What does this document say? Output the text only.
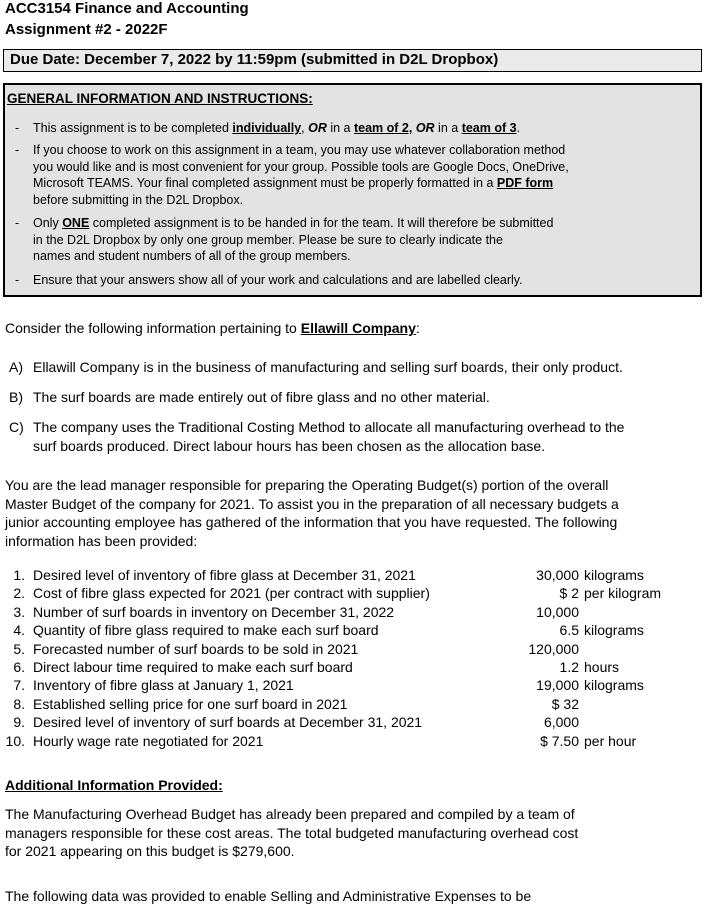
ACC3154 Finance and Accounting
Assignment #2 - 2022F
Due Date: December 7, 2022 by 11:59pm (submitted in D2L Dropbox)
GENERAL INFORMATION AND INSTRUCTIONS:
- This assignment is to be completed individually, OR in a team of 2, OR in a team of 3.
- If you choose to work on this assignment in a team, you may use whatever collaboration method
you would like and is most convenient for your group. Possible tools are Google Docs, OneDrive,
Microsoft TEAMS. Your final completed assignment must be properly formatted in a PDF form
before submitting in the D2L Dropbox.
- Only ONE completed assignment is to be handed in for the team. It will therefore be submitted
in the D2L Dropbox by only one group member. Please be sure to clearly indicate the
names and student numbers of all of the group members.
- Ensure that your answers show all of your work and calculations and are labelled clearly.
Consider the following information pertaining to Ellawill Company:
A) Ellawill Company is in the business of manufacturing and selling surf boards, their only product.
B) The surf boards are made entirely out of fibre glass and no other material.
C) The company uses the Traditional Costing Method to allocate all manufacturing overhead to the
surf boards produced. Direct labour hours has been chosen as the allocation base.
You are the lead manager responsible for preparing the Operating Budget(s) portion of the overall
Master Budget of the company for 2021. To assist you in the preparation of all necessary budgets a
junior accounting employee has gathered of the information that you have requested. The following
information has been provided:
1. Desired level of inventory of fibre glass at December 31, 2021	30,000 kilograms
2. Cost of fibre glass expected for 2021 (per contract with supplier)	$ 2 per kilogram
3. Number of surf boards in inventory on December 31, 2022	10,000
4. Quantity of fibre glass required to make each surf board	6.5 kilograms
5. Forecasted number of surf boards to be sold in 2021	120,000
6. Direct labour time required to make each surf board	1.2 hours
7. Inventory of fibre glass at January 1, 2021	19,000 kilograms
8. Established selling price for one surf board in 2021	$ 32
9. Desired level of inventory of surf boards at December 31, 2021	6,000
10. Hourly wage rate negotiated for 2021	$ 7.50 per hour
Additional Information Provided:
The Manufacturing Overhead Budget has already been prepared and compiled by a team of
managers responsible for these cost areas. The total budgeted manufacturing overhead cost
for 2021 appearing on this budget is $279,600.
The following data was provided to enable Selling and Administrative Expenses to be
